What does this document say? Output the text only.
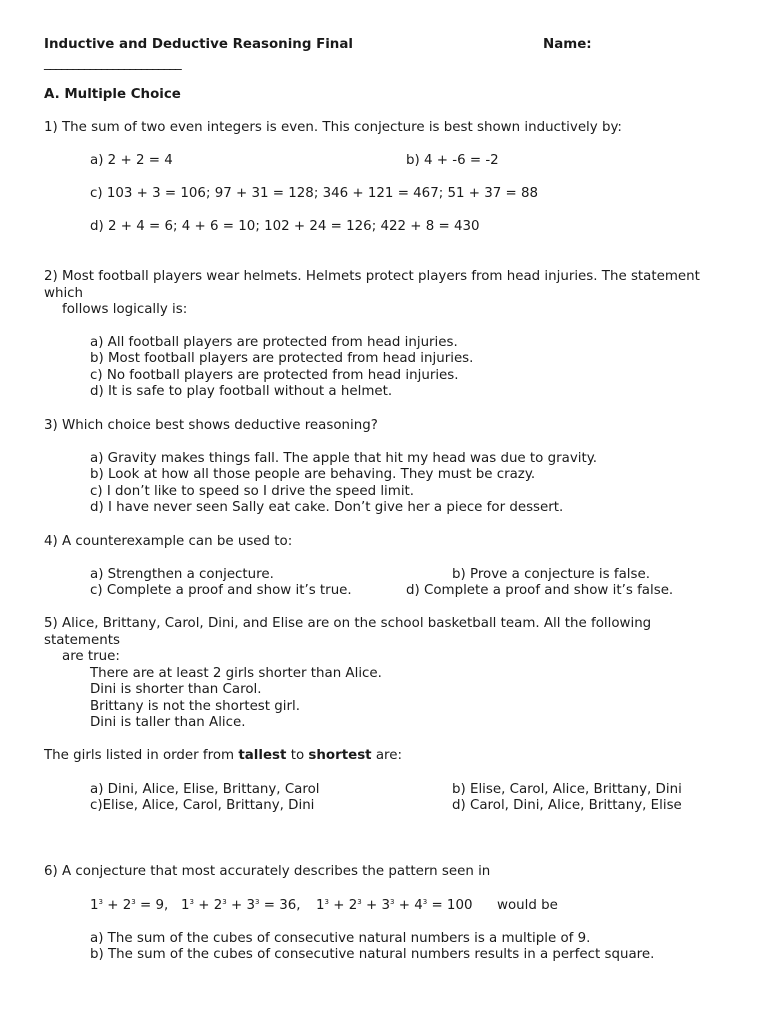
Inductive and Deductive Reasoning Final	Name:
________________________
A. Multiple Choice
1) The sum of two even integers is even. This conjecture is best shown inductively by:
a) 2 + 2 = 4	b) 4 + -6 = -2
c) 103 + 3 = 106; 97 + 31 = 128; 346 + 121 = 467; 51 + 37 = 88
d) 2 + 4 = 6; 4 + 6 = 10; 102 + 24 = 126; 422 + 8 = 430
2) Most football players wear helmets. Helmets protect players from head injuries. The statement
which
follows logically is:
a) All football players are protected from head injuries.
b) Most football players are protected from head injuries.
c) No football players are protected from head injuries.
d) It is safe to play football without a helmet.
3) Which choice best shows deductive reasoning?
a) Gravity makes things fall. The apple that hit my head was due to gravity.
b) Look at how all those people are behaving. They must be crazy.
c) I don’t like to speed so I drive the speed limit.
d) I have never seen Sally eat cake. Don’t give her a piece for dessert.
4) A counterexample can be used to:
a) Strengthen a conjecture.	b) Prove a conjecture is false.
c) Complete a proof and show it’s true.	d) Complete a proof and show it’s false.
5) Alice, Brittany, Carol, Dini, and Elise are on the school basketball team. All the following
statements
are true:
There are at least 2 girls shorter than Alice.
Dini is shorter than Carol.
Brittany is not the shortest girl.
Dini is taller than Alice.
The girls listed in order from tallest to shortest are:
a) Dini, Alice, Elise, Brittany, Carol	b) Elise, Carol, Alice, Brittany, Dini
c)Elise, Alice, Carol, Brittany, Dini	d) Carol, Dini, Alice, Brittany, Elise
6) A conjecture that most accurately describes the pattern seen in
$1^3 + 2^3 = 9$, $1^3 + 2^3 + 3^3 = 36$, $1^3 + 2^3 + 3^3 + 4^3 = 100$ would be
a) The sum of the cubes of consecutive natural numbers is a multiple of 9.
b) The sum of the cubes of consecutive natural numbers results in a perfect square.
